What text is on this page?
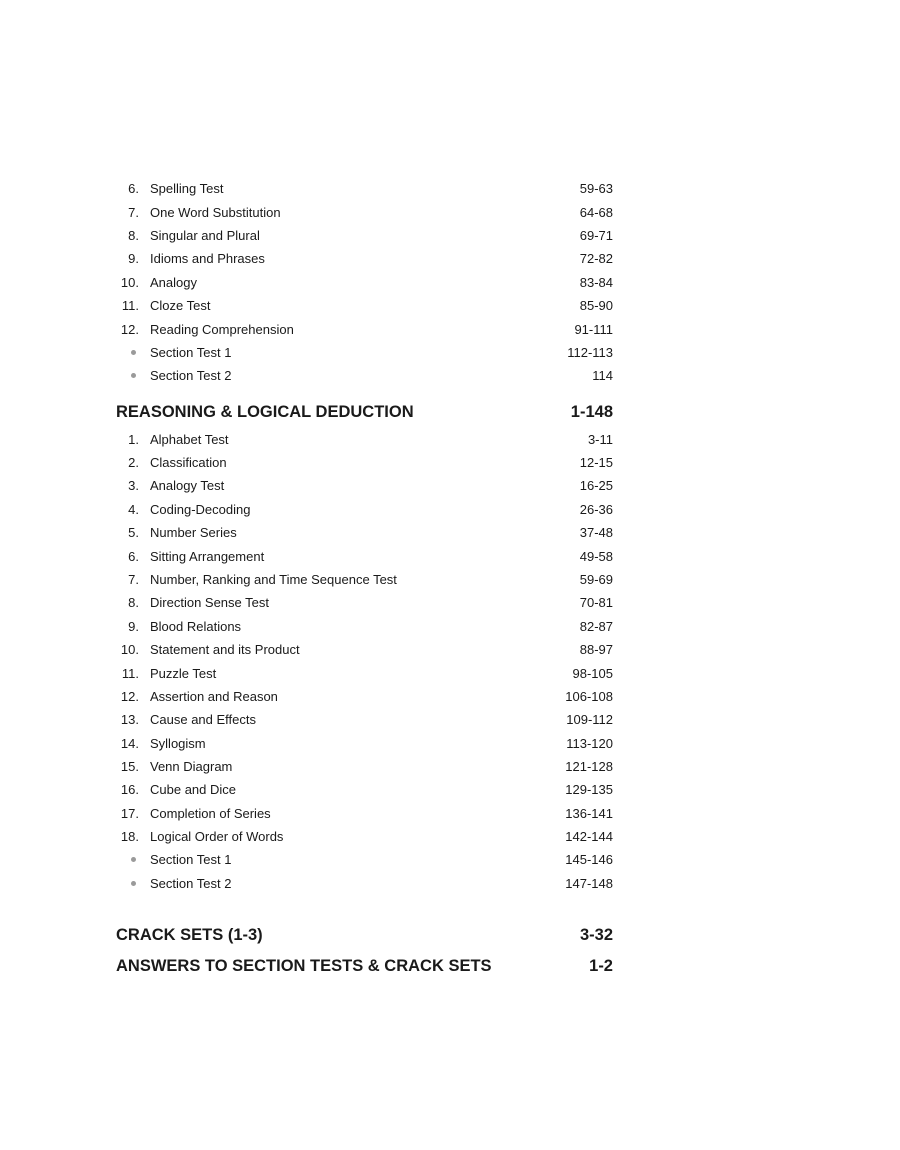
6. Spelling Test	59-63
7. One Word Substitution	64-68
8. Singular and Plural	69-71
9. Idioms and Phrases	72-82
10. Analogy	83-84
11. Cloze Test	85-90
12. Reading Comprehension	91-111
Section Test 1	112-113
Section Test 2	114
REASONING & LOGICAL DEDUCTION	1-148
1. Alphabet Test	3-11
2. Classification	12-15
3. Analogy Test	16-25
4. Coding-Decoding	26-36
5. Number Series	37-48
6. Sitting Arrangement	49-58
7. Number, Ranking and Time Sequence Test	59-69
8. Direction Sense Test	70-81
9. Blood Relations	82-87
10. Statement and its Product	88-97
11. Puzzle Test	98-105
12. Assertion and Reason	106-108
13. Cause and Effects	109-112
14. Syllogism	113-120
15. Venn Diagram	121-128
16. Cube and Dice	129-135
17. Completion of Series	136-141
18. Logical Order of Words	142-144
Section Test 1	145-146
Section Test 2	147-148
CRACK SETS (1-3)	3-32
ANSWERS TO SECTION TESTS & CRACK SETS	1-2
